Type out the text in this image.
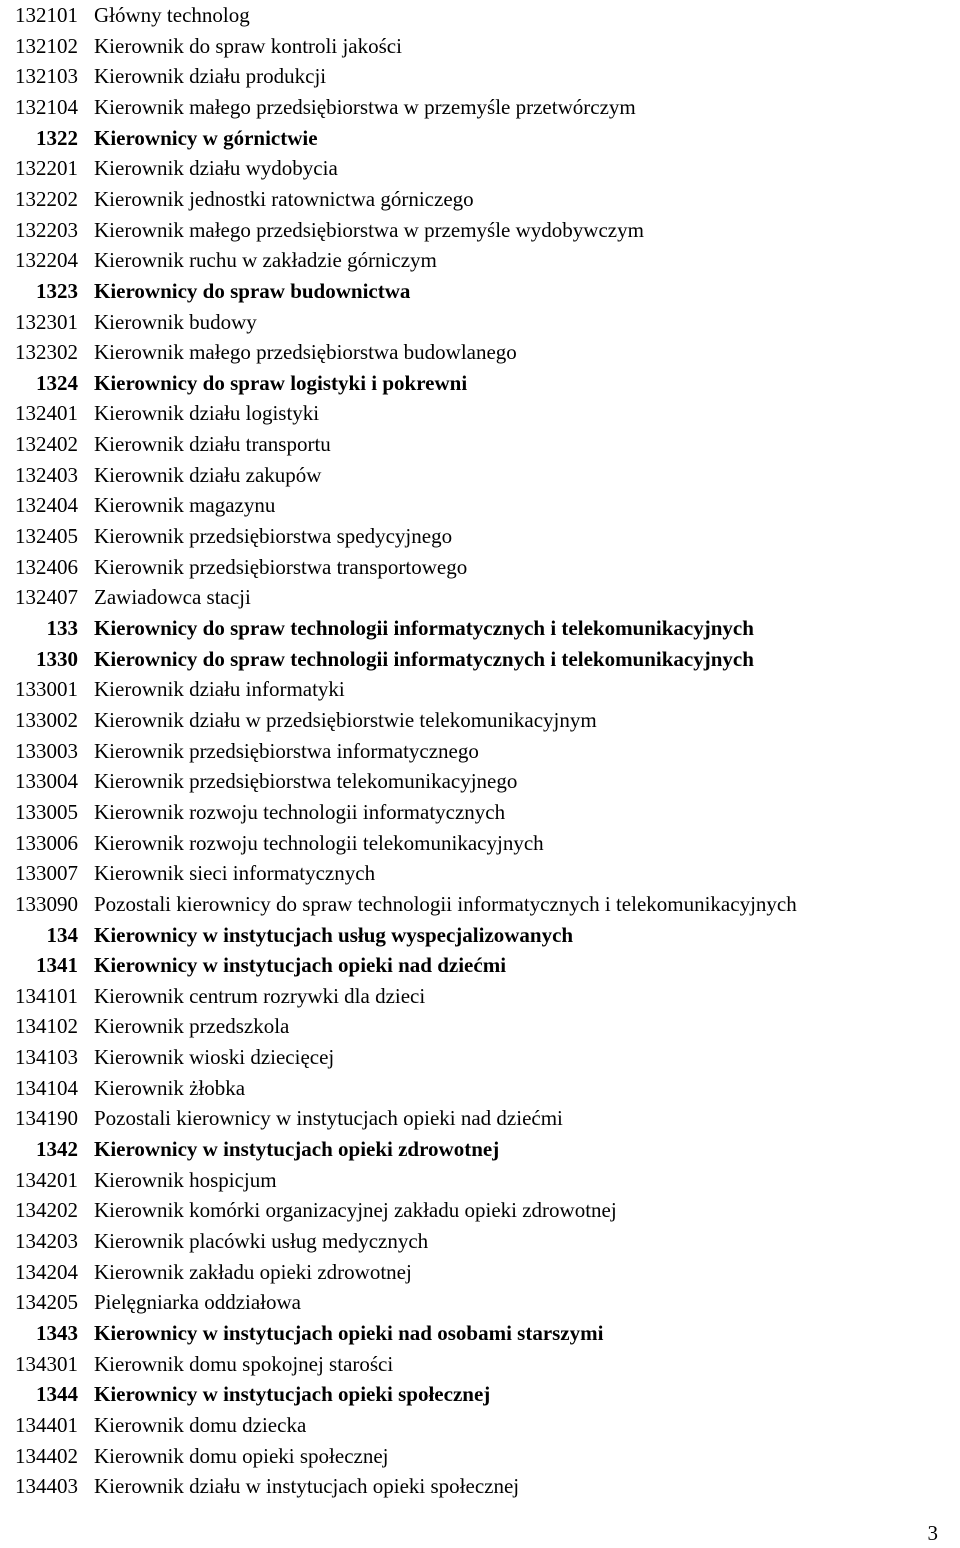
132101 Główny technolog
132102 Kierownik do spraw kontroli jakości
132103 Kierownik działu produkcji
132104 Kierownik małego przedsiębiorstwa w przemyśle przetwórczym
1322 Kierownicy w górnictwie
132201 Kierownik działu wydobycia
132202 Kierownik jednostki ratownictwa górniczego
132203 Kierownik małego przedsiębiorstwa w przemyśle wydobywczym
132204 Kierownik ruchu w zakładzie górniczym
1323 Kierownicy do spraw budownictwa
132301 Kierownik budowy
132302 Kierownik małego przedsiębiorstwa budowlanego
1324 Kierownicy do spraw logistyki i pokrewni
132401 Kierownik działu logistyki
132402 Kierownik działu transportu
132403 Kierownik działu zakupów
132404 Kierownik magazynu
132405 Kierownik przedsiębiorstwa spedycyjnego
132406 Kierownik przedsiębiorstwa transportowego
132407 Zawiadowca stacji
133 Kierownicy do spraw technologii informatycznych i telekomunikacyjnych
1330 Kierownicy do spraw technologii informatycznych i telekomunikacyjnych
133001 Kierownik działu informatyki
133002 Kierownik działu w przedsiębiorstwie telekomunikacyjnym
133003 Kierownik przedsiębiorstwa informatycznego
133004 Kierownik przedsiębiorstwa telekomunikacyjnego
133005 Kierownik rozwoju technologii informatycznych
133006 Kierownik rozwoju technologii telekomunikacyjnych
133007 Kierownik sieci informatycznych
133090 Pozostali kierownicy do spraw technologii informatycznych i telekomunikacyjnych
134 Kierownicy w instytucjach usług wyspecjalizowanych
1341 Kierownicy w instytucjach opieki nad dziećmi
134101 Kierownik centrum rozrywki dla dzieci
134102 Kierownik przedszkola
134103 Kierownik wioski dziecięcej
134104 Kierownik żłobka
134190 Pozostali kierownicy w instytucjach opieki nad dziećmi
1342 Kierownicy w instytucjach opieki zdrowotnej
134201 Kierownik hospicjum
134202 Kierownik komórki organizacyjnej zakładu opieki zdrowotnej
134203 Kierownik placówki usług medycznych
134204 Kierownik zakładu opieki zdrowotnej
134205 Pielęgniarka oddziałowa
1343 Kierownicy w instytucjach opieki nad osobami starszymi
134301 Kierownik domu spokojnej starości
1344 Kierownicy w instytucjach opieki społecznej
134401 Kierownik domu dziecka
134402 Kierownik domu opieki społecznej
134403 Kierownik działu w instytucjach opieki społecznej
3
